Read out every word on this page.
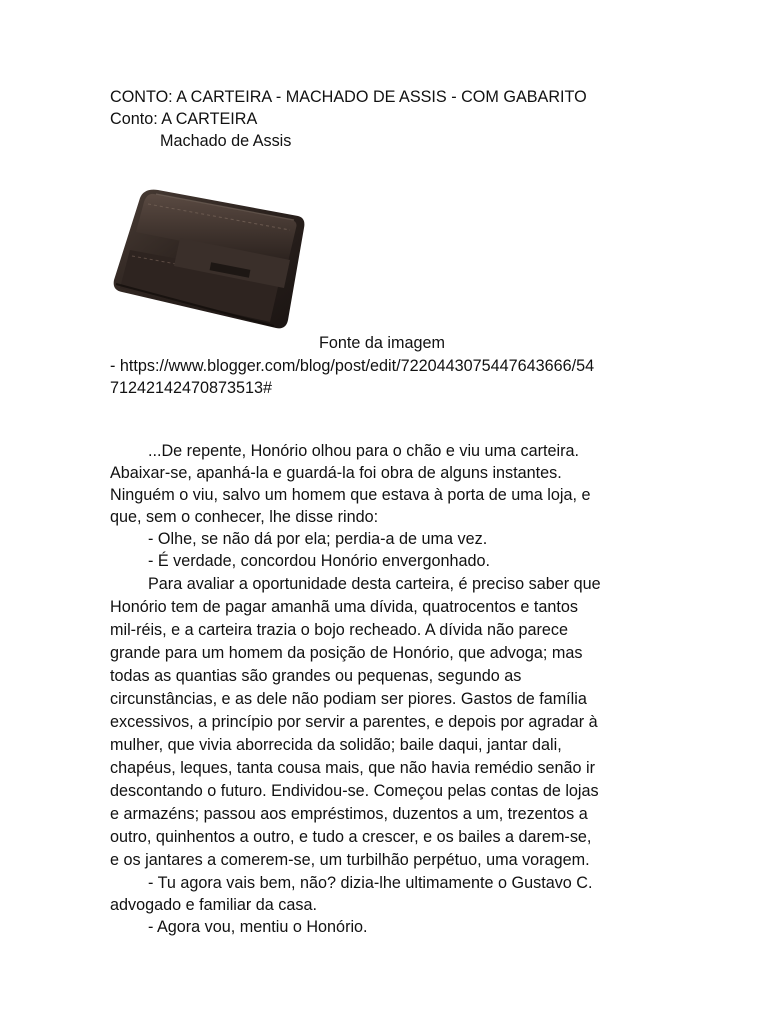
CONTO: A CARTEIRA - MACHADO DE ASSIS - COM GABARITO
Conto: A CARTEIRA
Machado de Assis
Fonte da imagem
- https://www.blogger.com/blog/post/edit/7220443075447643666/54
71242142470873513#
...De repente, Honório olhou para o chão e viu uma carteira.
Abaixar-se, apanhá-la e guardá-la foi obra de alguns instantes.
Ninguém o viu, salvo um homem que estava à porta de uma loja, e
que, sem o conhecer, lhe disse rindo:
- Olhe, se não dá por ela; perdia-a de uma vez.
- É verdade, concordou Honório envergonhado.
Para avaliar a oportunidade desta carteira, é preciso saber que
Honório tem de pagar amanhã uma dívida, quatrocentos e tantos
mil-réis, e a carteira trazia o bojo recheado. A dívida não parece
grande para um homem da posição de Honório, que advoga; mas
todas as quantias são grandes ou pequenas, segundo as
circunstâncias, e as dele não podiam ser piores. Gastos de família
excessivos, a princípio por servir a parentes, e depois por agradar à
mulher, que vivia aborrecida da solidão; baile daqui, jantar dali,
chapéus, leques, tanta cousa mais, que não havia remédio senão ir
descontando o futuro. Endividou-se. Começou pelas contas de lojas
e armazéns; passou aos empréstimos, duzentos a um, trezentos a
outro, quinhentos a outro, e tudo a crescer, e os bailes a darem-se,
e os jantares a comerem-se, um turbilhão perpétuo, uma voragem.
- Tu agora vais bem, não? dizia-lhe ultimamente o Gustavo C.
advogado e familiar da casa.
- Agora vou, mentiu o Honório.
